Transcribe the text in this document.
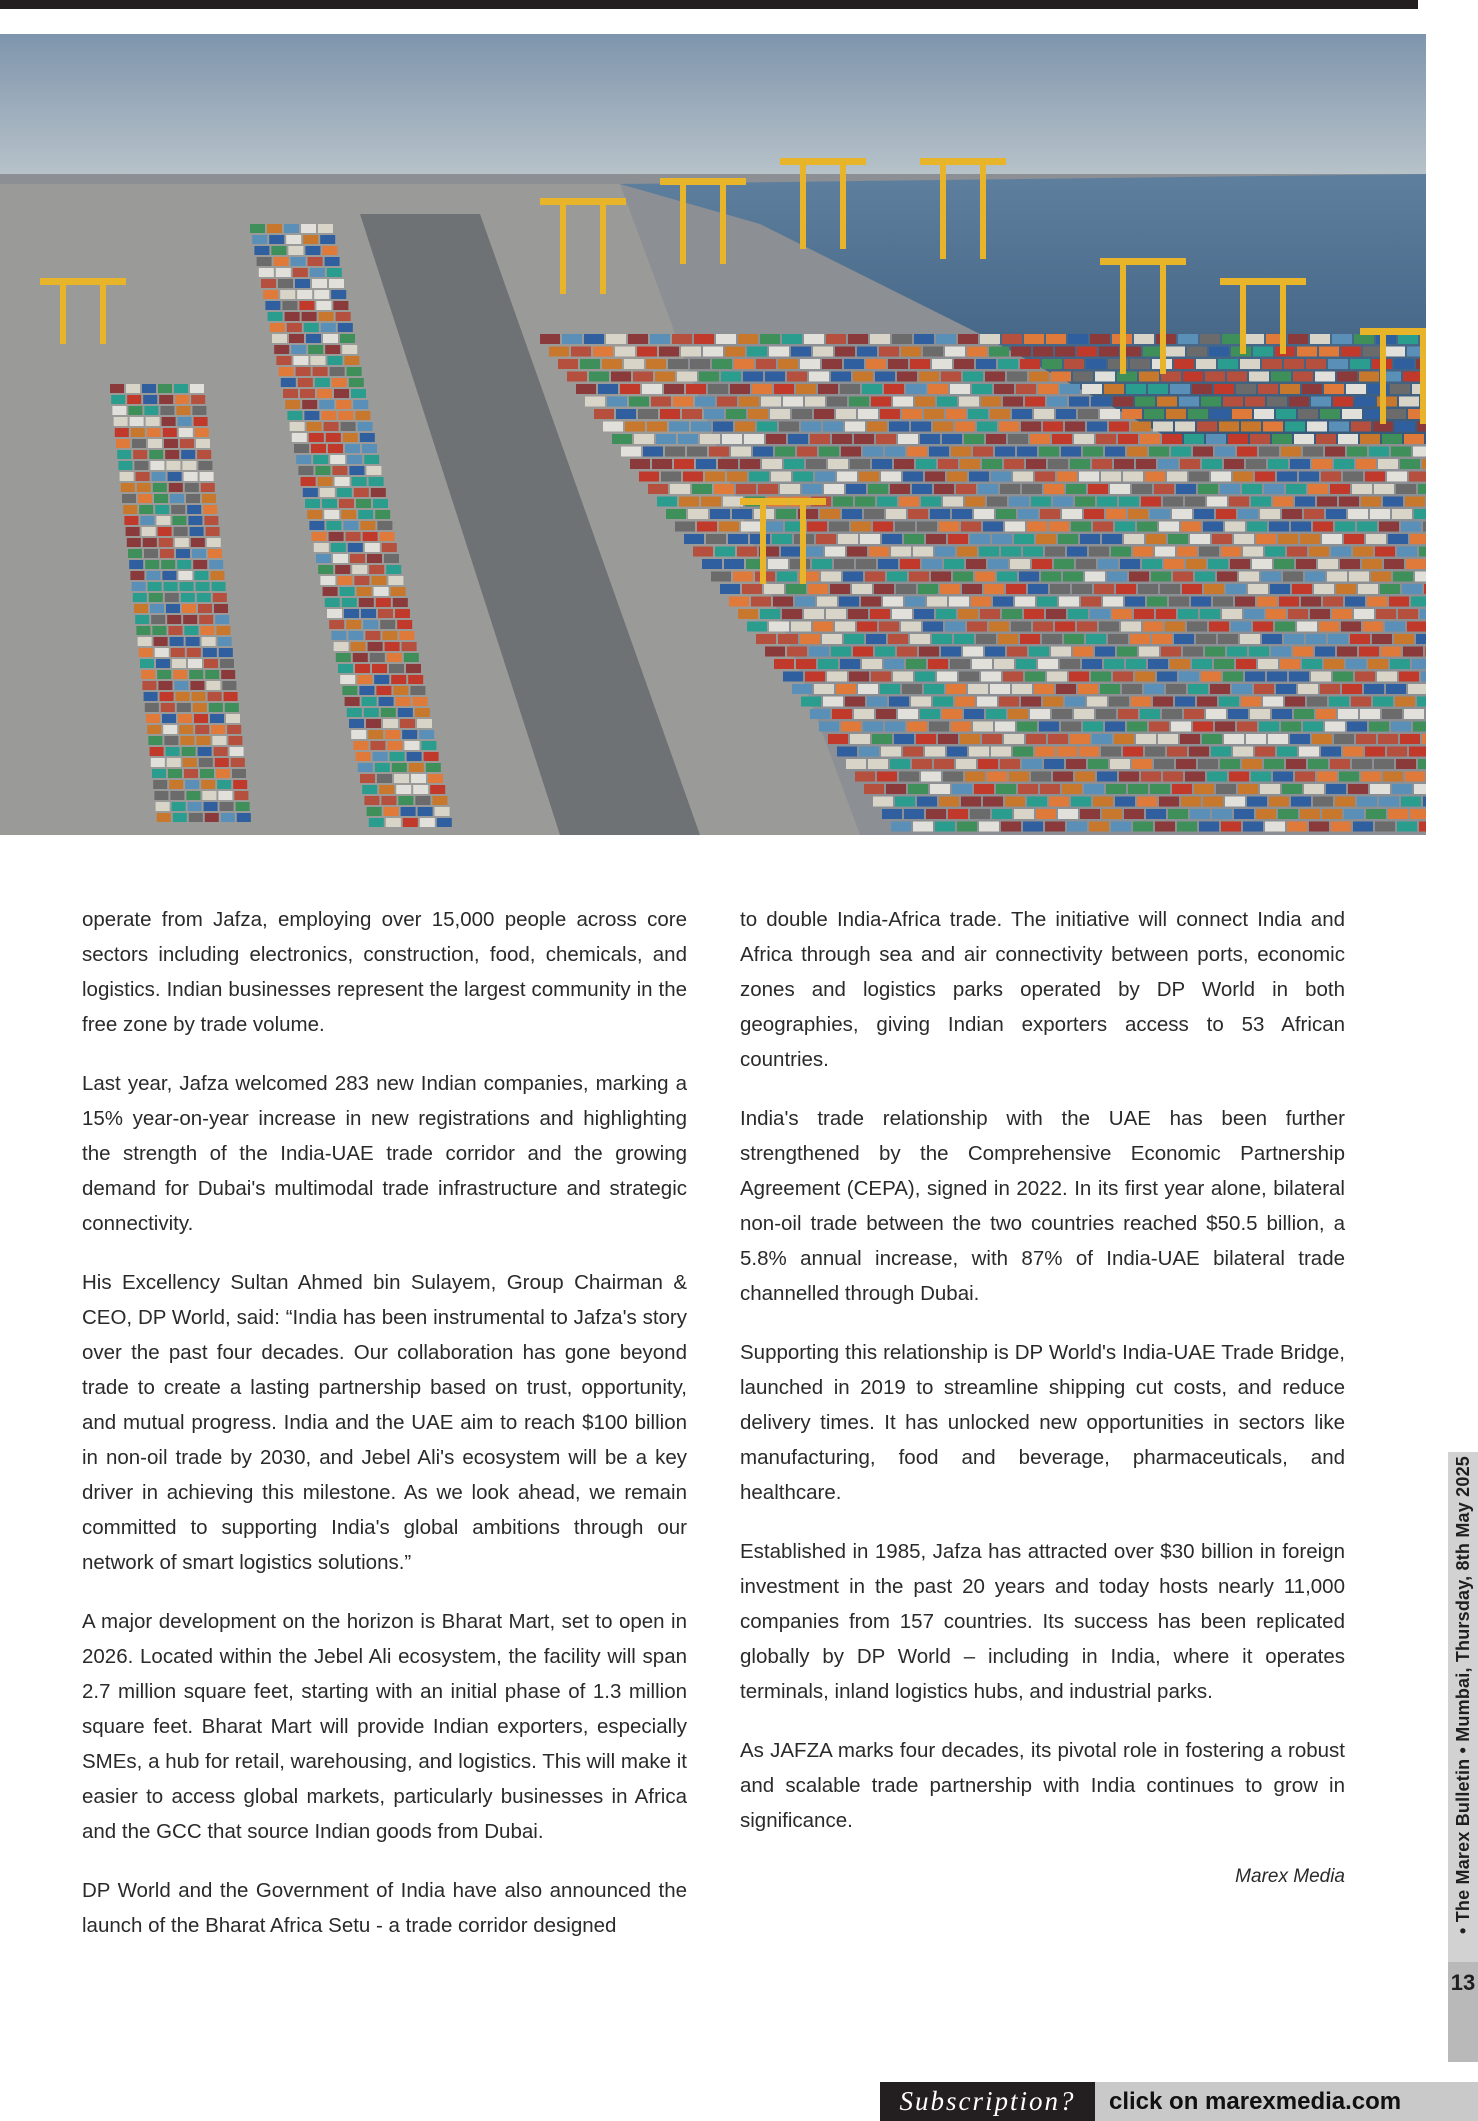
operate from Jafza, employing over 15,000 people across core sectors including electronics, construction, food, chemicals, and logistics. Indian businesses represent the largest community in the free zone by trade volume.

Last year, Jafza welcomed 283 new Indian companies, marking a 15% year-on-year increase in new registrations and highlighting the strength of the India-UAE trade corridor and the growing demand for Dubai's multimodal trade infrastructure and strategic connectivity.

His Excellency Sultan Ahmed bin Sulayem, Group Chairman & CEO, DP World, said: “India has been instrumental to Jafza's story over the past four decades. Our collaboration has gone beyond trade to create a lasting partnership based on trust, opportunity, and mutual progress. India and the UAE aim to reach $100 billion in non-oil trade by 2030, and Jebel Ali's ecosystem will be a key driver in achieving this milestone. As we look ahead, we remain committed to supporting India's global ambitions through our network of smart logistics solutions.”

A major development on the horizon is Bharat Mart, set to open in 2026. Located within the Jebel Ali ecosystem, the facility will span 2.7 million square feet, starting with an initial phase of 1.3 million square feet. Bharat Mart will provide Indian exporters, especially SMEs, a hub for retail, warehousing, and logistics. This will make it easier to access global markets, particularly businesses in Africa and the GCC that source Indian goods from Dubai.

DP World and the Government of India have also announced the launch of the Bharat Africa Setu - a trade corridor designed

to double India-Africa trade. The initiative will connect India and Africa through sea and air connectivity between ports, economic zones and logistics parks operated by DP World in both geographies, giving Indian exporters access to 53 African countries.

India's trade relationship with the UAE has been further strengthened by the Comprehensive Economic Partnership Agreement (CEPA), signed in 2022. In its first year alone, bilateral non-oil trade between the two countries reached $50.5 billion, a 5.8% annual increase, with 87% of India-UAE bilateral trade channelled through Dubai.

Supporting this relationship is DP World's India-UAE Trade Bridge, launched in 2019 to streamline shipping cut costs, and reduce delivery times. It has unlocked new opportunities in sectors like manufacturing, food and beverage, pharmaceuticals, and healthcare.

Established in 1985, Jafza has attracted over $30 billion in foreign investment in the past 20 years and today hosts nearly 11,000 companies from 157 countries. Its success has been replicated globally by DP World – including in India, where it operates terminals, inland logistics hubs, and industrial parks.

As JAFZA marks four decades, its pivotal role in fostering a robust and scalable trade partnership with India continues to grow in significance.

Marex Media	• The Marex Bulletin • Mumbai, Thursday, 8th May 2025
13
Subscription?	click on marexmedia.com
